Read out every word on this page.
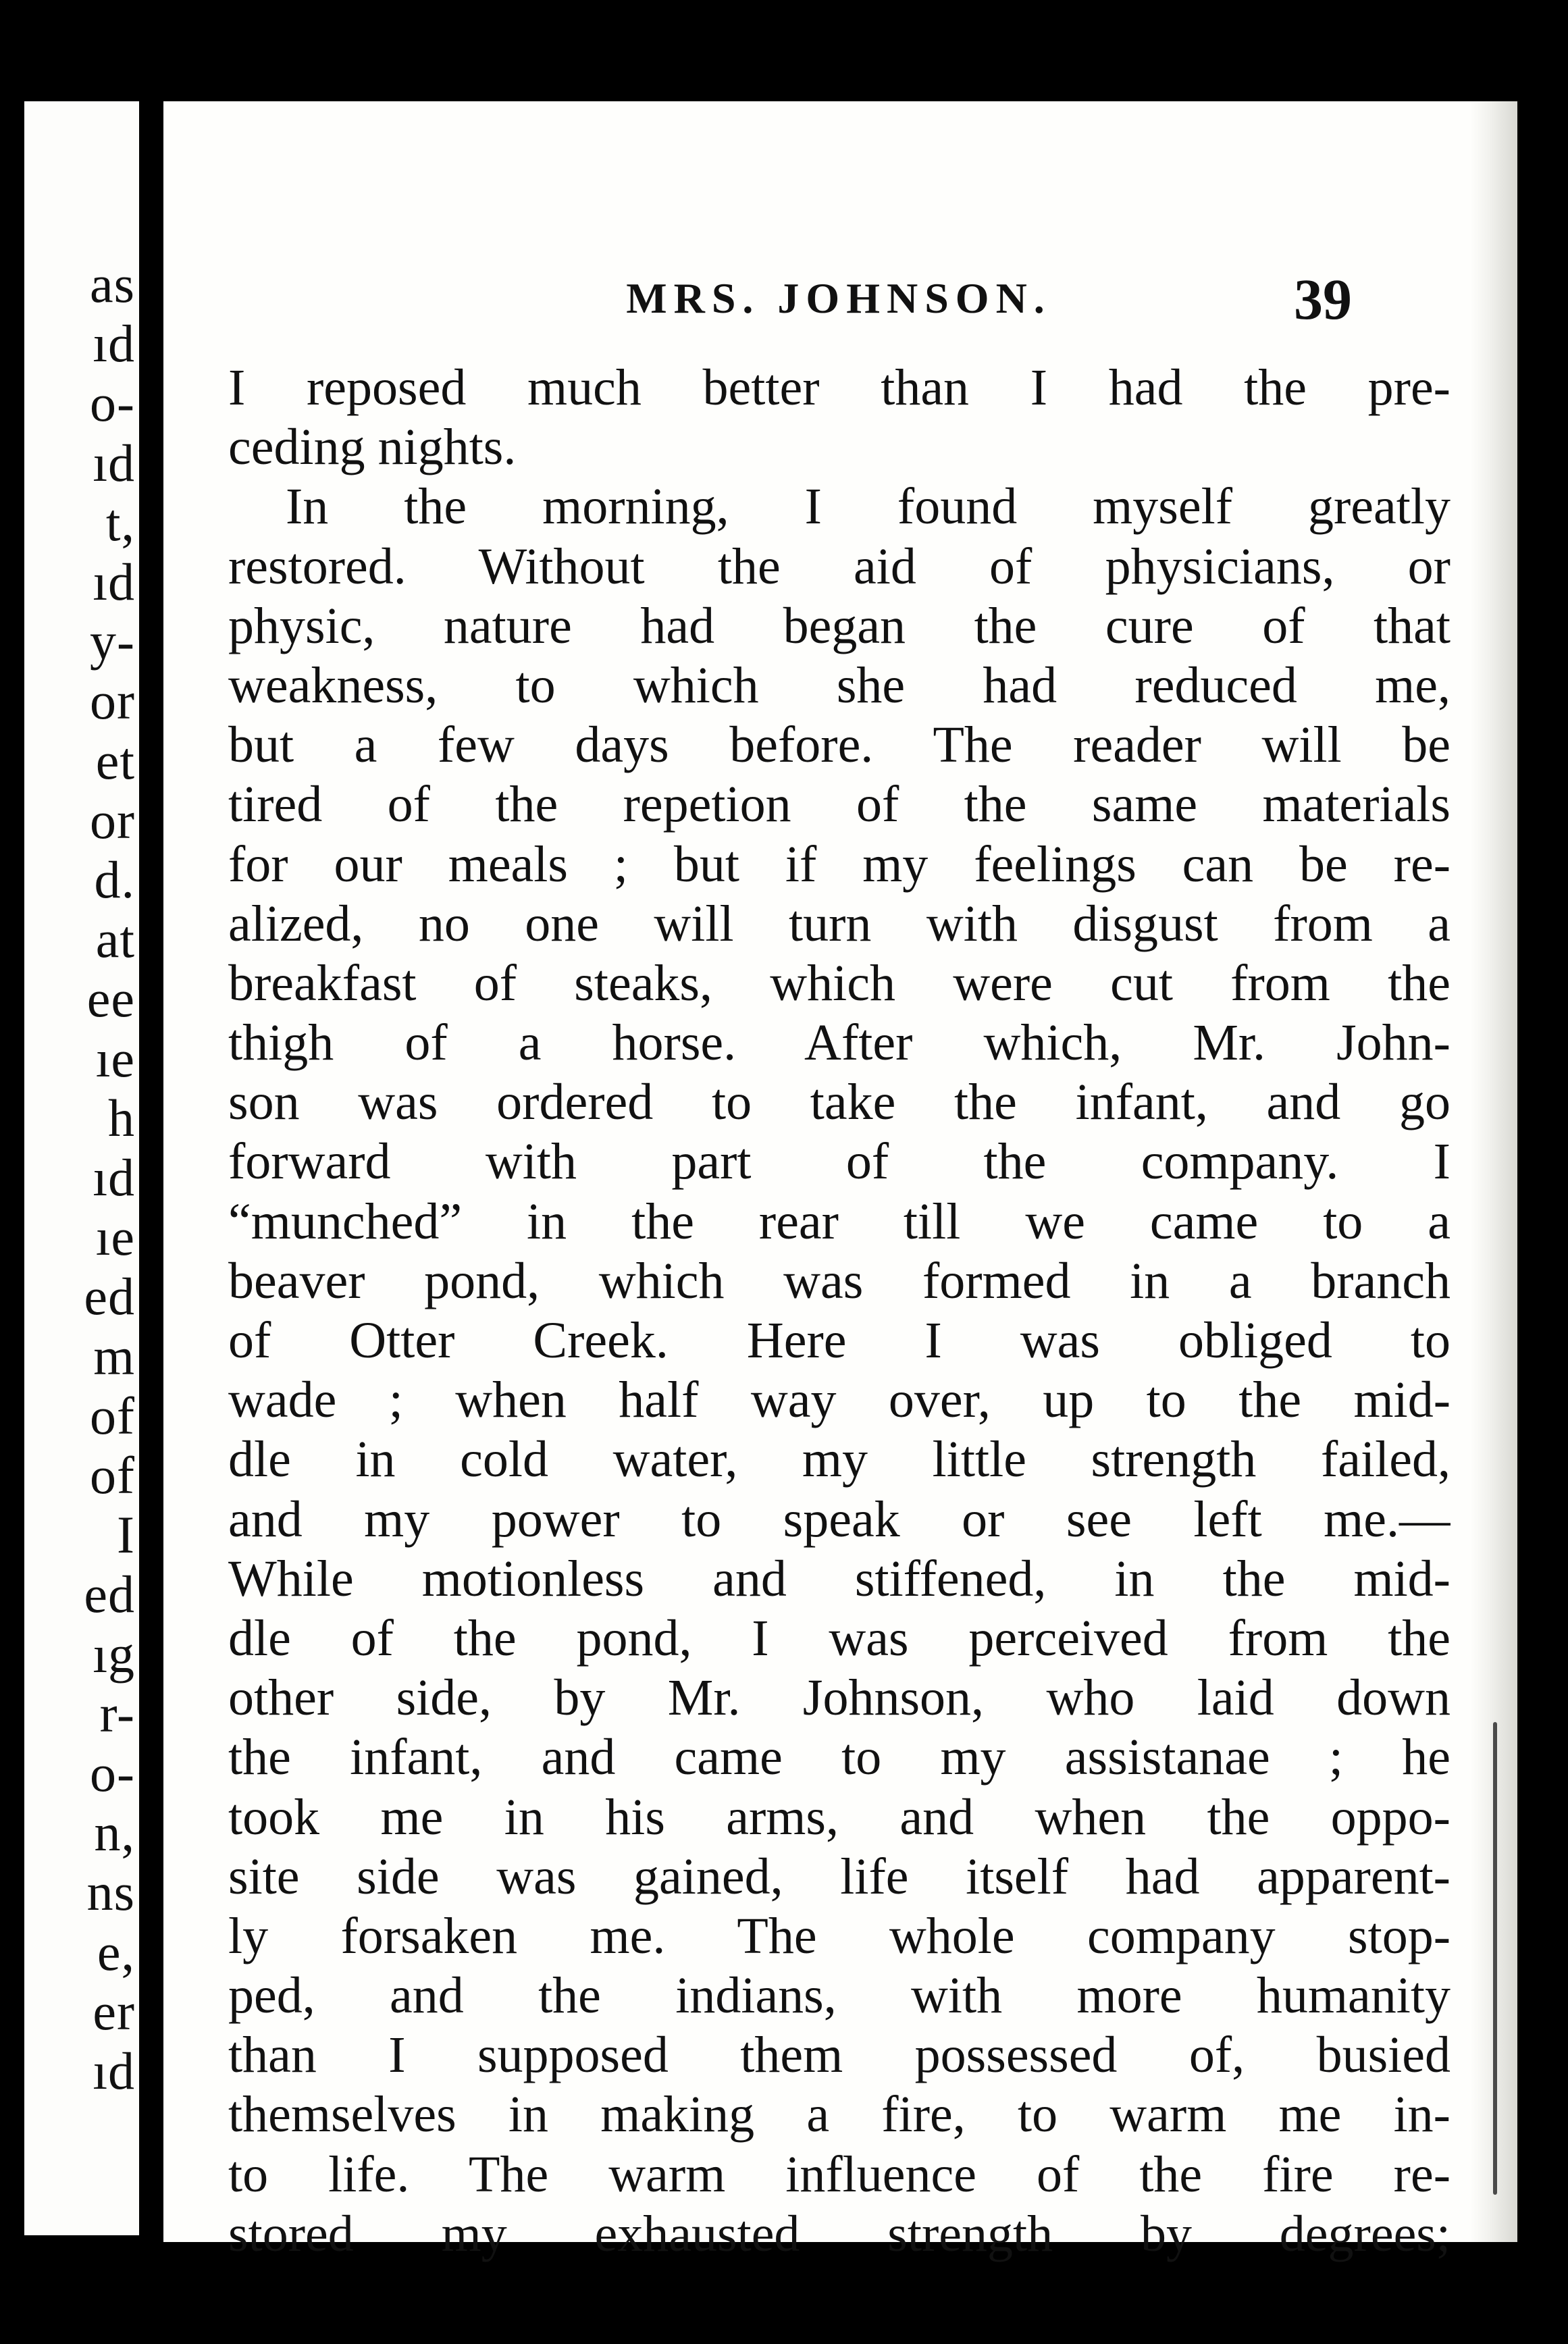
as
ıd
o-
ıd
t,
ıd
y-
or
et
or
d.
at
ee
ıe
h
ıd
ıe
ed
m
of
of
I
ed
ıg
r-
o-
n,
ns
e,
er
ıd
MRS. JOHNSON.	39
I reposed much better than I had the pre-
ceding nights.
In the morning, I found myself greatly
restored. Without the aid of physicians, or
physic, nature had began the cure of that
weakness, to which she had reduced me,
but a few days before. The reader will be
tired of the repetion of the same materials
for our meals ; but if my feelings can be re-
alized, no one will turn with disgust from a
breakfast of steaks, which were cut from the
thigh of a horse. After which, Mr. John-
son was ordered to take the infant, and go
forward with part of the company. I
“munched” in the rear till we came to a
beaver pond, which was formed in a branch
of Otter Creek. Here I was obliged to
wade ; when half way over, up to the mid-
dle in cold water, my little strength failed,
and my power to speak or see left me.—
While motionless and stiffened, in the mid-
dle of the pond, I was perceived from the
other side, by Mr. Johnson, who laid down
the infant, and came to my assistanae ; he
took me in his arms, and when the oppo-
site side was gained, life itself had apparent-
ly forsaken me. The whole company stop-
ped, and the indians, with more humanity
than I supposed them possessed of, busied
themselves in making a fire, to warm me in-
to life. The warm influence of the fire re-
stored my exhausted strength by degrees;
